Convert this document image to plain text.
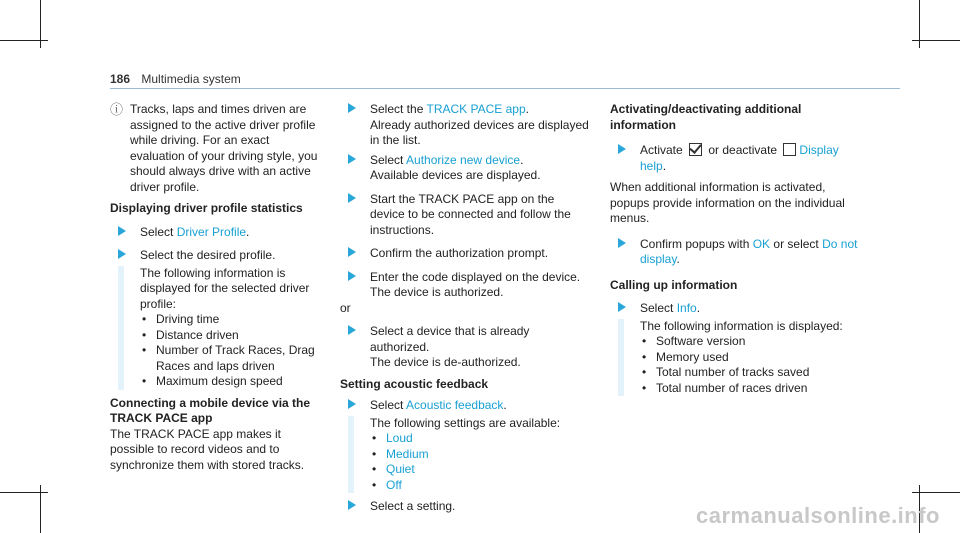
186 Multimedia system
ⓘ Tracks, laps and times driven are assigned to the active driver profile while driving. For an exact evaluation of your driving style, you should always drive with an active driver profile.

Displaying driver profile statistics

Select Driver Profile.
Select the desired profile.

The following information is displayed for the selected driver profile:

• Driving time
• Distance driven
• Number of Track Races, Drag Races and laps driven
• Maximum design speed

Connecting a mobile device via the TRACK PACE app

The TRACK PACE app makes it possible to record videos and to synchronize them with stored tracks.

Select the TRACK PACE app.

Already authorized devices are displayed in the list.

Select Authorize new device.

Available devices are displayed.

Start the TRACK PACE app on the device to be connected and follow the instructions.
Confirm the authorization prompt.
Enter the code displayed on the device.

The device is authorized.

or

Select a device that is already authorized.

The device is de-authorized.

Setting acoustic feedback

Select Acoustic feedback.

The following settings are available:

• Loud
• Medium
• Quiet
• Off
Select a setting.

Activating/deactivating additional information

Activate  or deactivate Display help.

When additional information is activated, popups provide information on the individual menus.

Confirm popups with OK or select Do not display.

Calling up information

Select Info.

The following information is displayed:

• Software version
• Memory used
• Total number of tracks saved
• Total number of races driven
carmanualsonline.info
